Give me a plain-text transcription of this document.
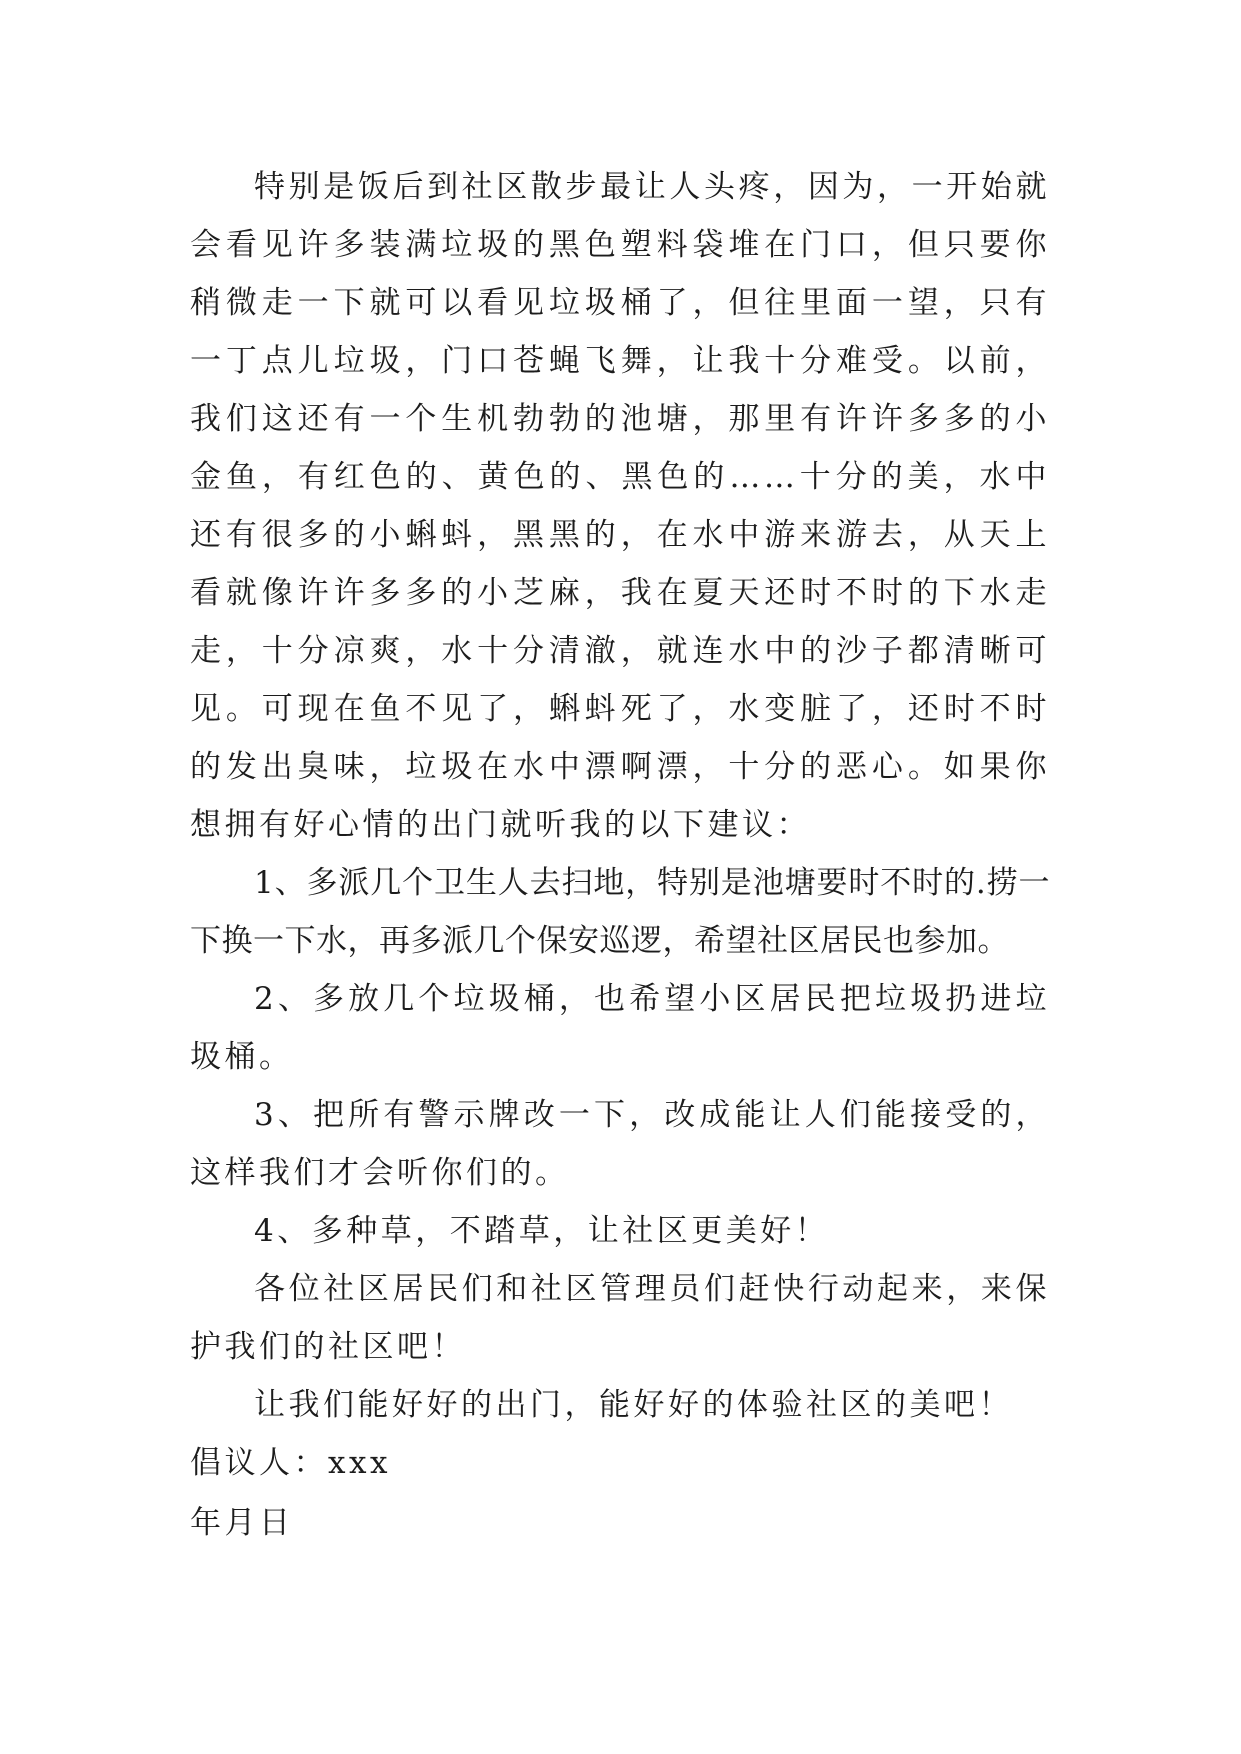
特别是饭后到社区散步最让人头疼，因为，一开始就会看见许多装满垃圾的黑色塑料袋堆在门口，但只要你稍微走一下就可以看见垃圾桶了，但往里面一望，只有一丁点儿垃圾，门口苍蝇飞舞，让我十分难受。以前，我们这还有一个生机勃勃的池塘，那里有许许多多的小金鱼，有红色的、黄色的、黑色的……十分的美，水中还有很多的小蝌蚪，黑黑的，在水中游来游去，从天上看就像许许多多的小芝麻，我在夏天还时不时的下水走走，十分凉爽，水十分清澈，就连水中的沙子都清晰可见。可现在鱼不见了，蝌蚪死了，水变脏了，还时不时的发出臭味，垃圾在水中漂啊漂，十分的恶心。如果你想拥有好心情的出门就听我的以下建议：

1、多派几个卫生人去扫地，特别是池塘要时不时的.捞一下换一下水，再多派几个保安巡逻，希望社区居民也参加。

2、多放几个垃圾桶，也希望小区居民把垃圾扔进垃圾桶。

3、把所有警示牌改一下，改成能让人们能接受的，这样我们才会听你们的。

4、多种草，不踏草，让社区更美好！

各位社区居民们和社区管理员们赶快行动起来，来保护我们的社区吧！

让我们能好好的出门，能好好的体验社区的美吧！

倡议人：xxx

年月日
